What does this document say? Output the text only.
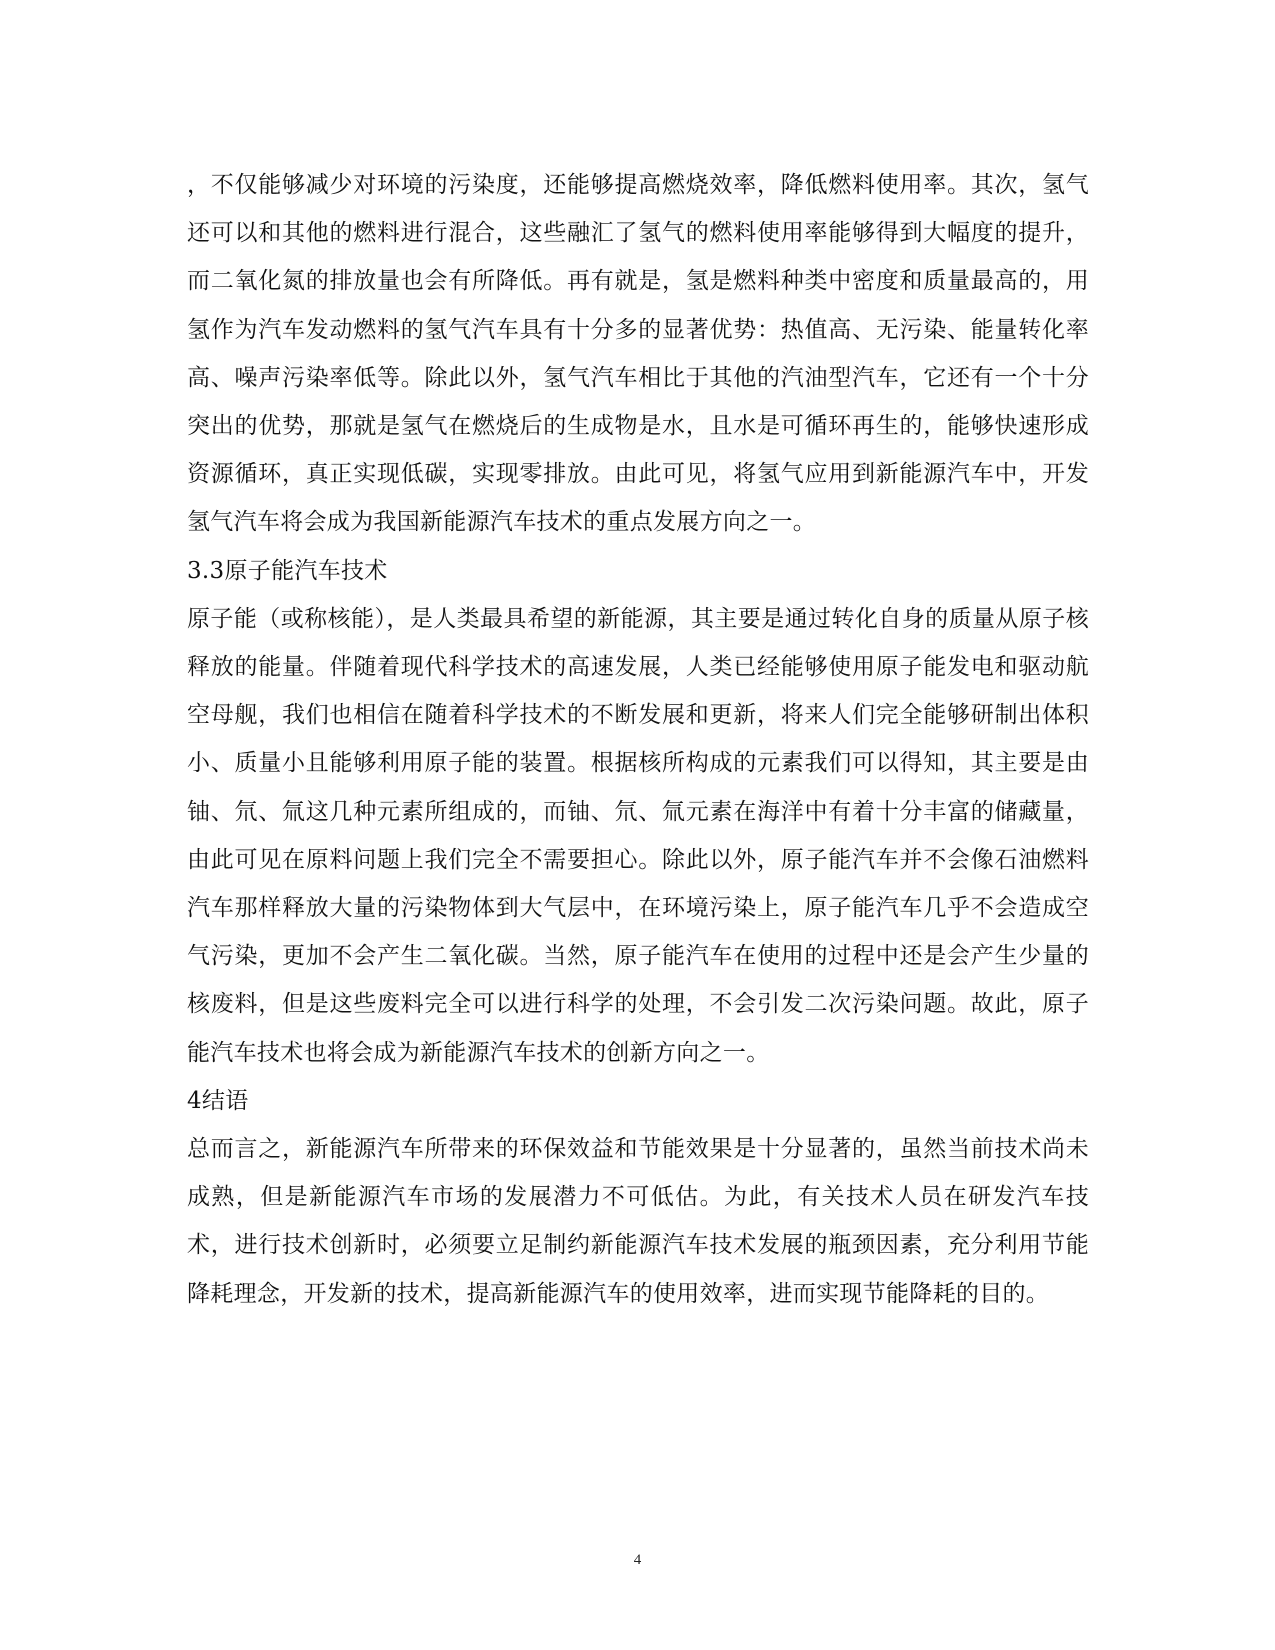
，不仅能够减少对环境的污染度，还能够提高燃烧效率，降低燃料使用率。其次，氢气还可以和其他的燃料进行混合，这些融汇了氢气的燃料使用率能够得到大幅度的提升，而二氧化氮的排放量也会有所降低。再有就是，氢是燃料种类中密度和质量最高的，用氢作为汽车发动燃料的氢气汽车具有十分多的显著优势：热值高、无污染、能量转化率高、噪声污染率低等。除此以外，氢气汽车相比于其他的汽油型汽车，它还有一个十分突出的优势，那就是氢气在燃烧后的生成物是水，且水是可循环再生的，能够快速形成资源循环，真正实现低碳，实现零排放。由此可见，将氢气应用到新能源汽车中，开发氢气汽车将会成为我国新能源汽车技术的重点发展方向之一。

3.3原子能汽车技术

原子能（或称核能），是人类最具希望的新能源，其主要是通过转化自身的质量从原子核释放的能量。伴随着现代科学技术的高速发展，人类已经能够使用原子能发电和驱动航空母舰，我们也相信在随着科学技术的不断发展和更新，将来人们完全能够研制出体积小、质量小且能够利用原子能的装置。根据核所构成的元素我们可以得知，其主要是由铀、氘、氚这几种元素所组成的，而铀、氘、氚元素在海洋中有着十分丰富的储藏量，由此可见在原料问题上我们完全不需要担心。除此以外，原子能汽车并不会像石油燃料汽车那样释放大量的污染物体到大气层中，在环境污染上，原子能汽车几乎不会造成空气污染，更加不会产生二氧化碳。当然，原子能汽车在使用的过程中还是会产生少量的核废料，但是这些废料完全可以进行科学的处理，不会引发二次污染问题。故此，原子能汽车技术也将会成为新能源汽车技术的创新方向之一。

4结语

总而言之，新能源汽车所带来的环保效益和节能效果是十分显著的，虽然当前技术尚未成熟，但是新能源汽车市场的发展潜力不可低估。为此，有关技术人员在研发汽车技术，进行技术创新时，必须要立足制约新能源汽车技术发展的瓶颈因素，充分利用节能降耗理念，开发新的技术，提高新能源汽车的使用效率，进而实现节能降耗的目的。

4
